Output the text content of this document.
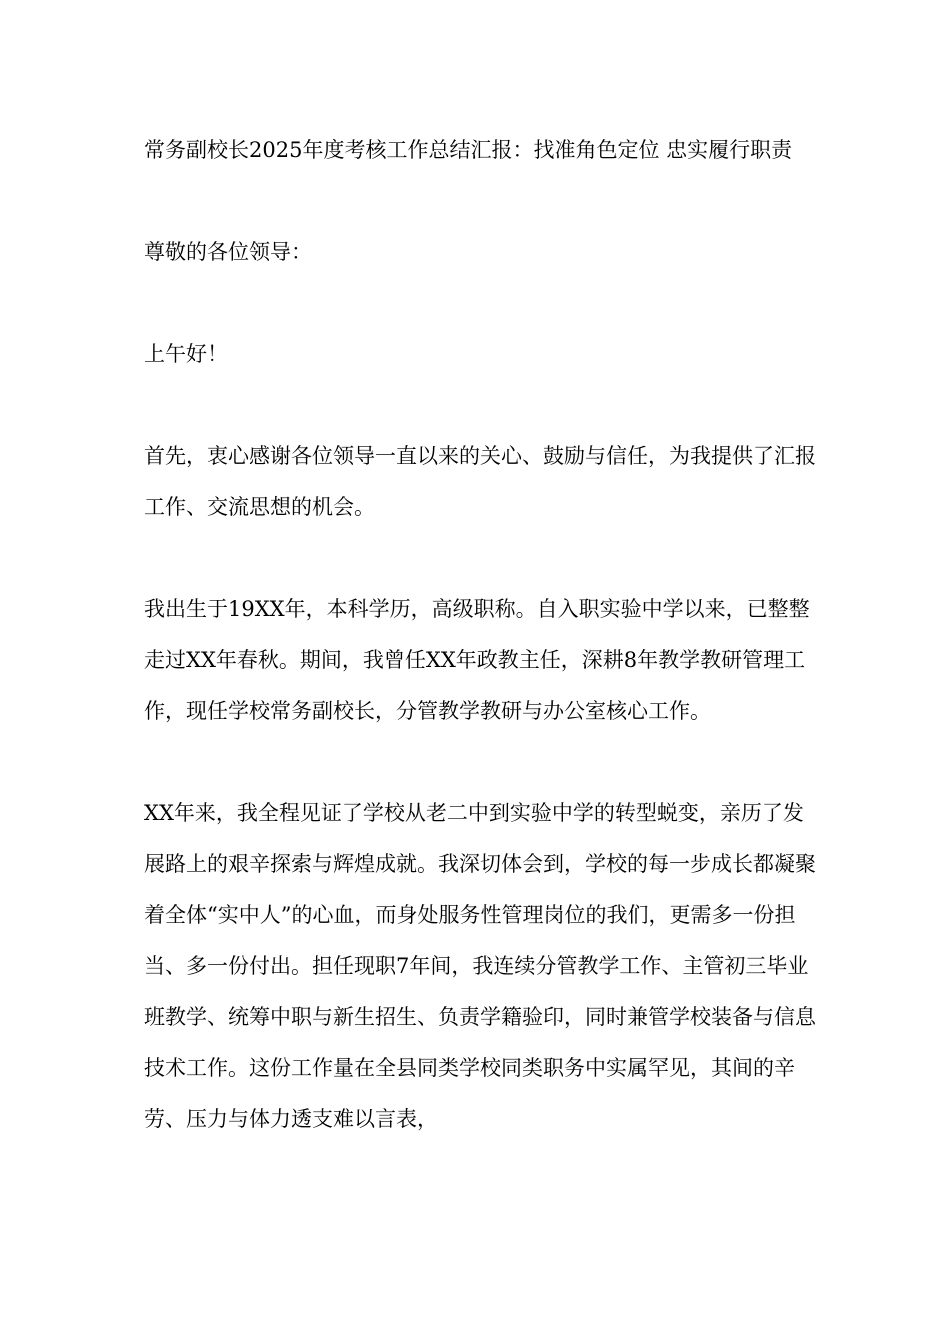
常务副校长2025年度考核工作总结汇报：找准角色定位 忠实履行职责

尊敬的各位领导：

上午好！

首先，衷心感谢各位领导一直以来的关心、鼓励与信任，为我提供了汇报工作、交流思想的机会。

我出生于19XX年，本科学历，高级职称。自入职实验中学以来，已整整走过XX年春秋。期间，我曾任XX年政教主任，深耕8年教学教研管理工作，现任学校常务副校长，分管教学教研与办公室核心工作。

XX年来，我全程见证了学校从老二中到实验中学的转型蜕变，亲历了发展路上的艰辛探索与辉煌成就。我深切体会到，学校的每一步成长都凝聚着全体“实中人”的心血，而身处服务性管理岗位的我们，更需多一份担当、多一份付出。担任现职7年间，我连续分管教学工作、主管初三毕业班教学、统筹中职与新生招生、负责学籍验印，同时兼管学校装备与信息技术工作。这份工作量在全县同类学校同类职务中实属罕见，其间的辛劳、压力与体力透支难以言表，
